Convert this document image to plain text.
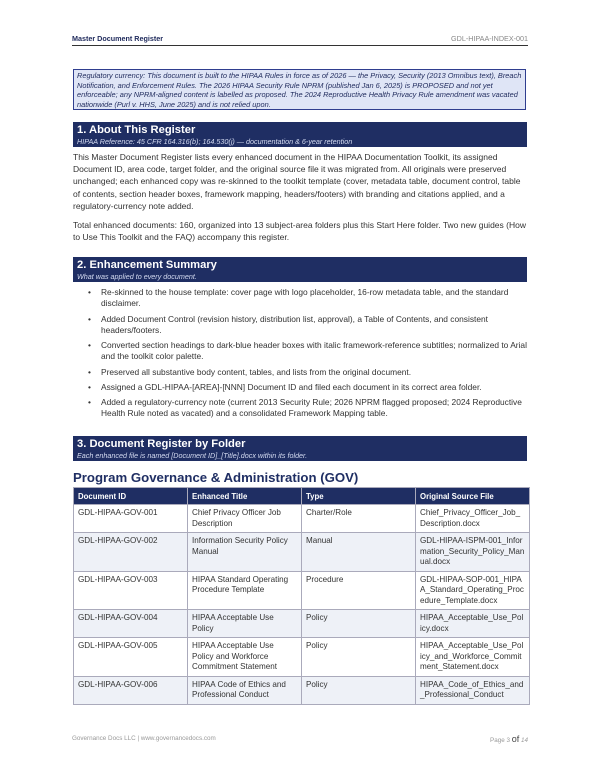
Master Document Register	GDL-HIPAA-INDEX-001
Regulatory currency: This document is built to the HIPAA Rules in force as of 2026 — the Privacy, Security (2013 Omnibus text), Breach Notification, and Enforcement Rules. The 2026 HIPAA Security Rule NPRM (published Jan 6, 2025) is PROPOSED and not yet enforceable; any NPRM-aligned content is labelled as proposed. The 2024 Reproductive Health Privacy Rule amendment was vacated nationwide (Purl v. HHS, June 2025) and is not relied upon.
1. About This Register
HIPAA Reference: 45 CFR 164.316(b); 164.530(j) — documentation & 6-year retention

This Master Document Register lists every enhanced document in the HIPAA Documentation Toolkit, its assigned Document ID, area code, target folder, and the original source file it was migrated from. All originals were preserved unchanged; each enhanced copy was re-skinned to the toolkit template (cover, metadata table, document control, table of contents, section header boxes, framework mapping, headers/footers) with branding and citations applied, and a regulatory-currency note added.

Total enhanced documents: 160, organized into 13 subject-area folders plus this Start Here folder. Two new guides (How to Use This Toolkit and the FAQ) accompany this register.

2. Enhancement Summary
What was applied to every document.
• Re-skinned to the house template: cover page with logo placeholder, 16-row metadata table, and the standard disclaimer.
• Added Document Control (revision history, distribution list, approval), a Table of Contents, and consistent headers/footers.
• Converted section headings to dark-blue header boxes with italic framework-reference subtitles; normalized to Arial and the toolkit color palette.
• Preserved all substantive body content, tables, and lists from the original document.
• Assigned a GDL-HIPAA-[AREA]-[NNN] Document ID and filed each document in its correct area folder.
• Added a regulatory-currency note (current 2013 Security Rule; 2026 NPRM flagged proposed; 2024 Reproductive Health Rule noted as vacated) and a consolidated Framework Mapping table.
3. Document Register by Folder
Each enhanced file is named [Document ID]_[Title].docx within its folder.
Program Governance & Administration (GOV)
Document ID	Enhanced Title	Type	Original Source File
GDL-HIPAA-GOV-001	Chief Privacy Officer Job Description	Charter/Role	Chief_Privacy_Officer_Job_Description.docx
GDL-HIPAA-GOV-002	Information Security Policy Manual	Manual	GDL-HIPAA-ISPM-001_Information_Security_Policy_Manual.docx
GDL-HIPAA-GOV-003	HIPAA Standard Operating Procedure Template	Procedure	GDL-HIPAA-SOP-001_HIPAA_Standard_Operating_Procedure_Template.docx
GDL-HIPAA-GOV-004	HIPAA Acceptable Use Policy	Policy	HIPAA_Acceptable_Use_Policy.docx
GDL-HIPAA-GOV-005	HIPAA Acceptable Use Policy and Workforce Commitment Statement	Policy	HIPAA_Acceptable_Use_Policy_and_Workforce_Commitment_Statement.docx
GDL-HIPAA-GOV-006	HIPAA Code of Ethics and Professional Conduct	Policy	HIPAA_Code_of_Ethics_and_Professional_Conduct
Governance Docs LLC | www.governancedocs.com	Page 3 of 14
